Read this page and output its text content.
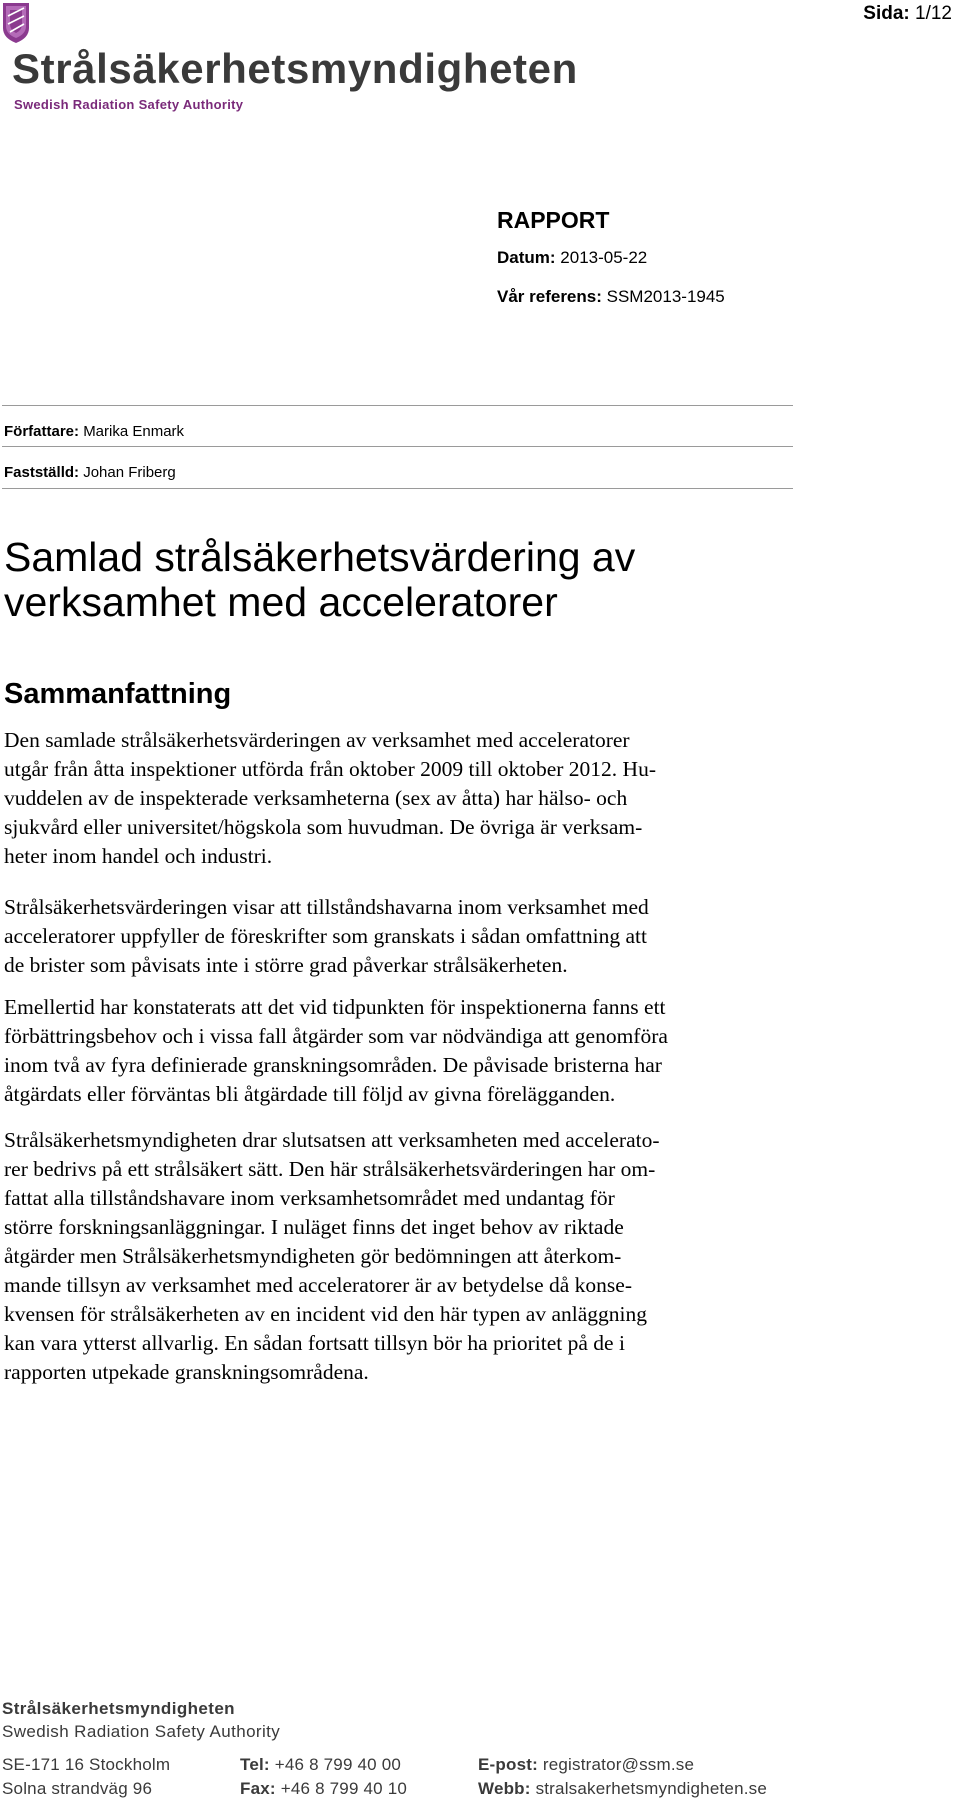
Sida: 1/12
Strålsäkerhetsmyndigheten
Swedish Radiation Safety Authority
RAPPORT
Datum: 2013-05-22
Vår referens: SSM2013-1945
Författare: Marika Enmark
Fastställd: Johan Friberg
Samlad strålsäkerhetsvärdering av
verksamhet med acceleratorer
Sammanfattning

Den samlade strålsäkerhetsvärderingen av verksamhet med acceleratorer
utgår från åtta inspektioner utförda från oktober 2009 till oktober 2012. Hu-
vuddelen av de inspekterade verksamheterna (sex av åtta) har hälso- och
sjukvård eller universitet/högskola som huvudman. De övriga är verksam-
heter inom handel och industri.

Strålsäkerhetsvärderingen visar att tillståndshavarna inom verksamhet med
acceleratorer uppfyller de föreskrifter som granskats i sådan omfattning att
de brister som påvisats inte i större grad påverkar strålsäkerheten.

Emellertid har konstaterats att det vid tidpunkten för inspektionerna fanns ett
förbättringsbehov och i vissa fall åtgärder som var nödvändiga att genomföra
inom två av fyra definierade granskningsområden. De påvisade bristerna har
åtgärdats eller förväntas bli åtgärdade till följd av givna förelägganden.

Strålsäkerhetsmyndigheten drar slutsatsen att verksamheten med accelerato-
rer bedrivs på ett strålsäkert sätt. Den här strålsäkerhetsvärderingen har om-
fattat alla tillståndshavare inom verksamhetsområdet med undantag för
större forskningsanläggningar. I nuläget finns det inget behov av riktade
åtgärder men Strålsäkerhetsmyndigheten gör bedömningen att återkom-
mande tillsyn av verksamhet med acceleratorer är av betydelse då konse-
kvensen för strålsäkerheten av en incident vid den här typen av anläggning
kan vara ytterst allvarlig. En sådan fortsatt tillsyn bör ha prioritet på de i
rapporten utpekade granskningsområdena.

Strålsäkerhetsmyndigheten
Swedish Radiation Safety Authority
SE-171 16 Stockholm
Solna strandväg 96
Tel: +46 8 799 40 00
Fax: +46 8 799 40 10
E-post: registrator@ssm.se
Webb: stralsakerhetsmyndigheten.se
